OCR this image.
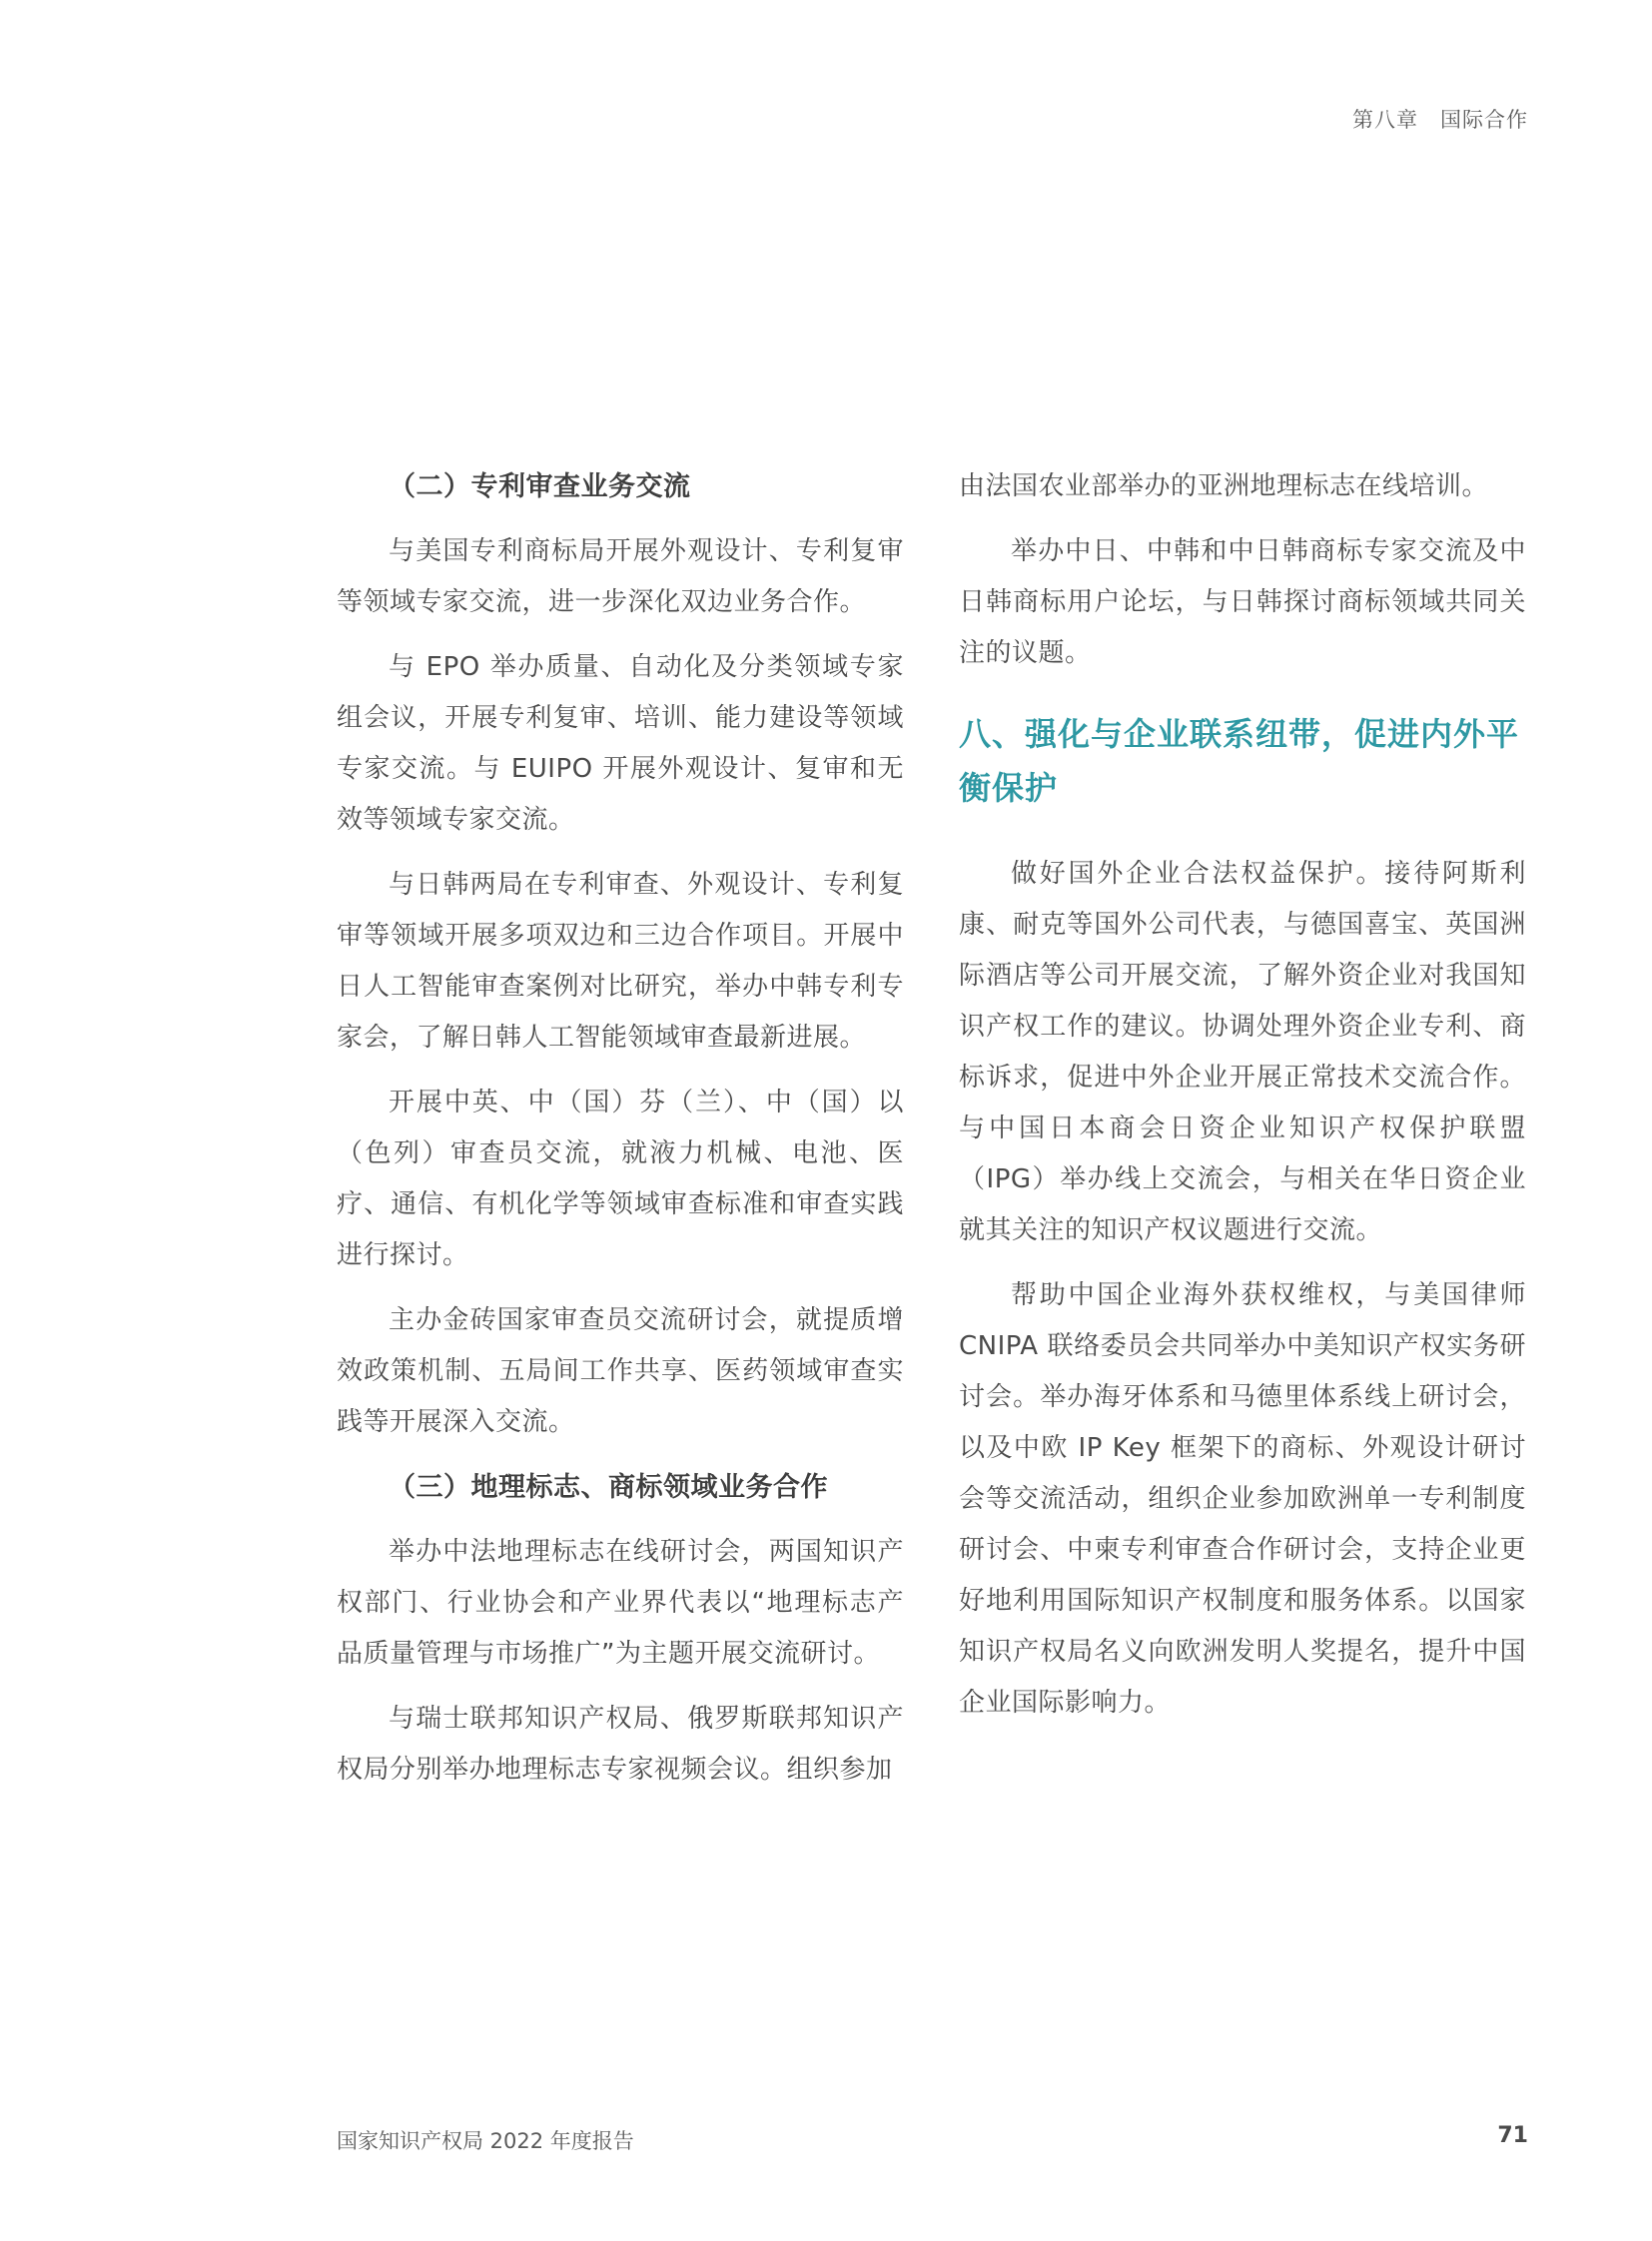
第八章　国际合作
（二）专利审查业务交流

与美国专利商标局开展外观设计、专利复审等领域专家交流，进一步深化双边业务合作。

与 EPO 举办质量、自动化及分类领域专家组会议，开展专利复审、培训、能力建设等领域专家交流。与 EUIPO 开展外观设计、复审和无效等领域专家交流。

与日韩两局在专利审查、外观设计、专利复审等领域开展多项双边和三边合作项目。开展中日人工智能审查案例对比研究，举办中韩专利专家会，了解日韩人工智能领域审查最新进展。

开展中英、中（国）芬（兰）、中（国）以（色列）审查员交流，就液力机械、电池、医疗、通信、有机化学等领域审查标准和审查实践进行探讨。

主办金砖国家审查员交流研讨会，就提质增效政策机制、五局间工作共享、医药领域审查实践等开展深入交流。

（三）地理标志、商标领域业务合作

举办中法地理标志在线研讨会，两国知识产权部门、行业协会和产业界代表以“地理标志产品质量管理与市场推广”为主题开展交流研讨。

与瑞士联邦知识产权局、俄罗斯联邦知识产权局分别举办地理标志专家视频会议。组织参加

由法国农业部举办的亚洲地理标志在线培训。

举办中日、中韩和中日韩商标专家交流及中日韩商标用户论坛，与日韩探讨商标领域共同关注的议题。

八、强化与企业联系纽带，促进内外平衡保护

做好国外企业合法权益保护。接待阿斯利康、耐克等国外公司代表，与德国喜宝、英国洲际酒店等公司开展交流，了解外资企业对我国知识产权工作的建议。协调处理外资企业专利、商标诉求，促进中外企业开展正常技术交流合作。与中国日本商会日资企业知识产权保护联盟（IPG）举办线上交流会，与相关在华日资企业就其关注的知识产权议题进行交流。

帮助中国企业海外获权维权，与美国律师 CNIPA 联络委员会共同举办中美知识产权实务研讨会。举办海牙体系和马德里体系线上研讨会，以及中欧 IP Key 框架下的商标、外观设计研讨会等交流活动，组织企业参加欧洲单一专利制度研讨会、中柬专利审查合作研讨会，支持企业更好地利用国际知识产权制度和服务体系。以国家知识产权局名义向欧洲发明人奖提名，提升中国企业国际影响力。

国家知识产权局 2022 年度报告	71
